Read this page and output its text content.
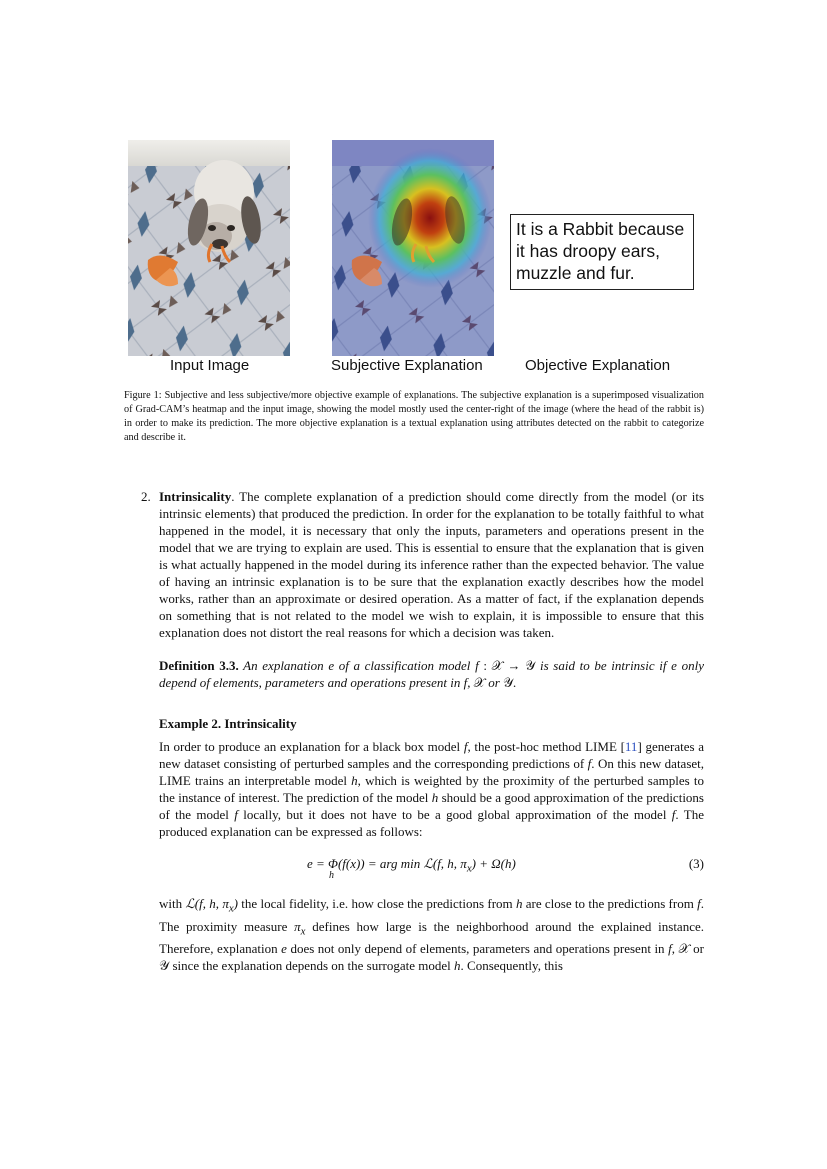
It is a Rabbit because
it has droopy ears,
muzzle and fur.
Input Image	Subjective Explanation	Objective Explanation
Figure 1: Subjective and less subjective/more objective example of explanations. The subjective explanation is a superimposed visualization of Grad-CAM’s heatmap and the input image, showing the model mostly used the center-right of the image (where the head of the rabbit is) in order to make its prediction. The more objective explanation is a textual explanation using attributes detected on the rabbit to categorize and describe it.
2. Intrinsicality. The complete explanation of a prediction should come directly from the model (or its intrinsic elements) that produced the prediction. In order for the explanation to be totally faithful to what happened in the model, it is necessary that only the inputs, parameters and operations present in the model that we are trying to explain are used. This is essential to ensure that the explanation that is given is what actually happened in the model during its inference rather than the expected behavior. The value of having an intrinsic explanation is to be sure that the explanation exactly describes how the model works, rather than an approximate or desired operation. As a matter of fact, if the explanation depends on something that is not related to the model we wish to explain, it is impossible to ensure that this explanation does not distort the real reasons for which a decision was taken.
Definition 3.3. An explanation e of a classification model f : 𝒳 → 𝒴 is said to be intrinsic if e only depend of elements, parameters and operations present in f, 𝒳 or 𝒴.
Example 2. Intrinsicality
In order to produce an explanation for a black box model f, the post-hoc method LIME [11] generates a new dataset consisting of perturbed samples and the corresponding predictions of f. On this new dataset, LIME trains an interpretable model h, which is weighted by the proximity of the perturbed samples to the instance of interest. The prediction of the model h should be a good approximation of the predictions of the model f locally, but it does not have to be a good global approximation of the model f. The produced explanation can be expressed as follows:
e = Φ(f(x)) = arg min
h
ℒ(f, h, $\pi_x) + \Omega(h)$	(3)
with ℒ(f, h, $\pi_x$) the local fidelity, i.e. how close the predictions from h are close to the predictions from f. The proximity measure $\pi_x$ defines how large is the neighborhood around the explained instance. Therefore, explanation e does not only depend of elements, parameters and operations present in f, 𝒳 or 𝒴 since the explanation depends on the surrogate model h. Consequently, this
